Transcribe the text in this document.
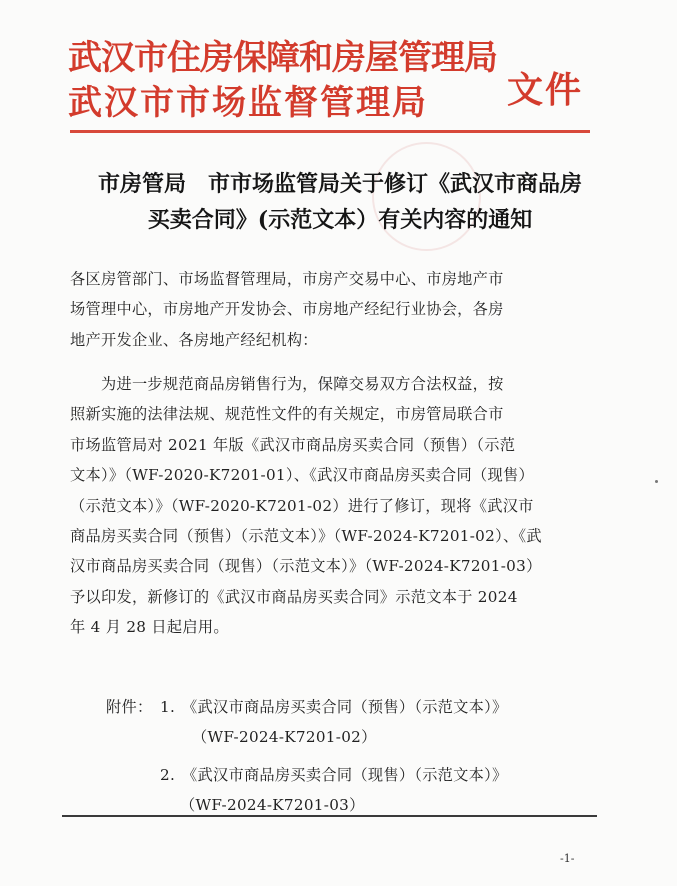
武汉市住房保障和房屋管理局
武汉市市场监督管理局 文件
市房管局　市市场监管局关于修订《武汉市商品房
买卖合同》(示范文本）有关内容的通知
各区房管部门、市场监督管理局，市房产交易中心、市房地产市
场管理中心，市房地产开发协会、市房地产经纪行业协会，各房
地产开发企业、各房地产经纪机构：
　　为进一步规范商品房销售行为，保障交易双方合法权益，按
照新实施的法律法规、规范性文件的有关规定，市房管局联合市
市场监管局对 2021 年版《武汉市商品房买卖合同（预售）（示范
文本）》（WF-2020-K7201-01）、《武汉市商品房买卖合同（现售）
（示范文本）》（WF-2020-K7201-02）进行了修订，现将《武汉市
商品房买卖合同（预售）（示范文本）》（WF-2024-K7201-02）、《武
汉市商品房买卖合同（现售）（示范文本）》（WF-2024-K7201-03）
予以印发，新修订的《武汉市商品房买卖合同》示范文本于 2024
年 4 月 28 日起启用。
附件： 1. 《武汉市商品房买卖合同（预售）（示范文本）》
（WF-2024-K7201-02）
2. 《武汉市商品房买卖合同（现售）（示范文本）》
（WF-2024-K7201-03）
-1-
